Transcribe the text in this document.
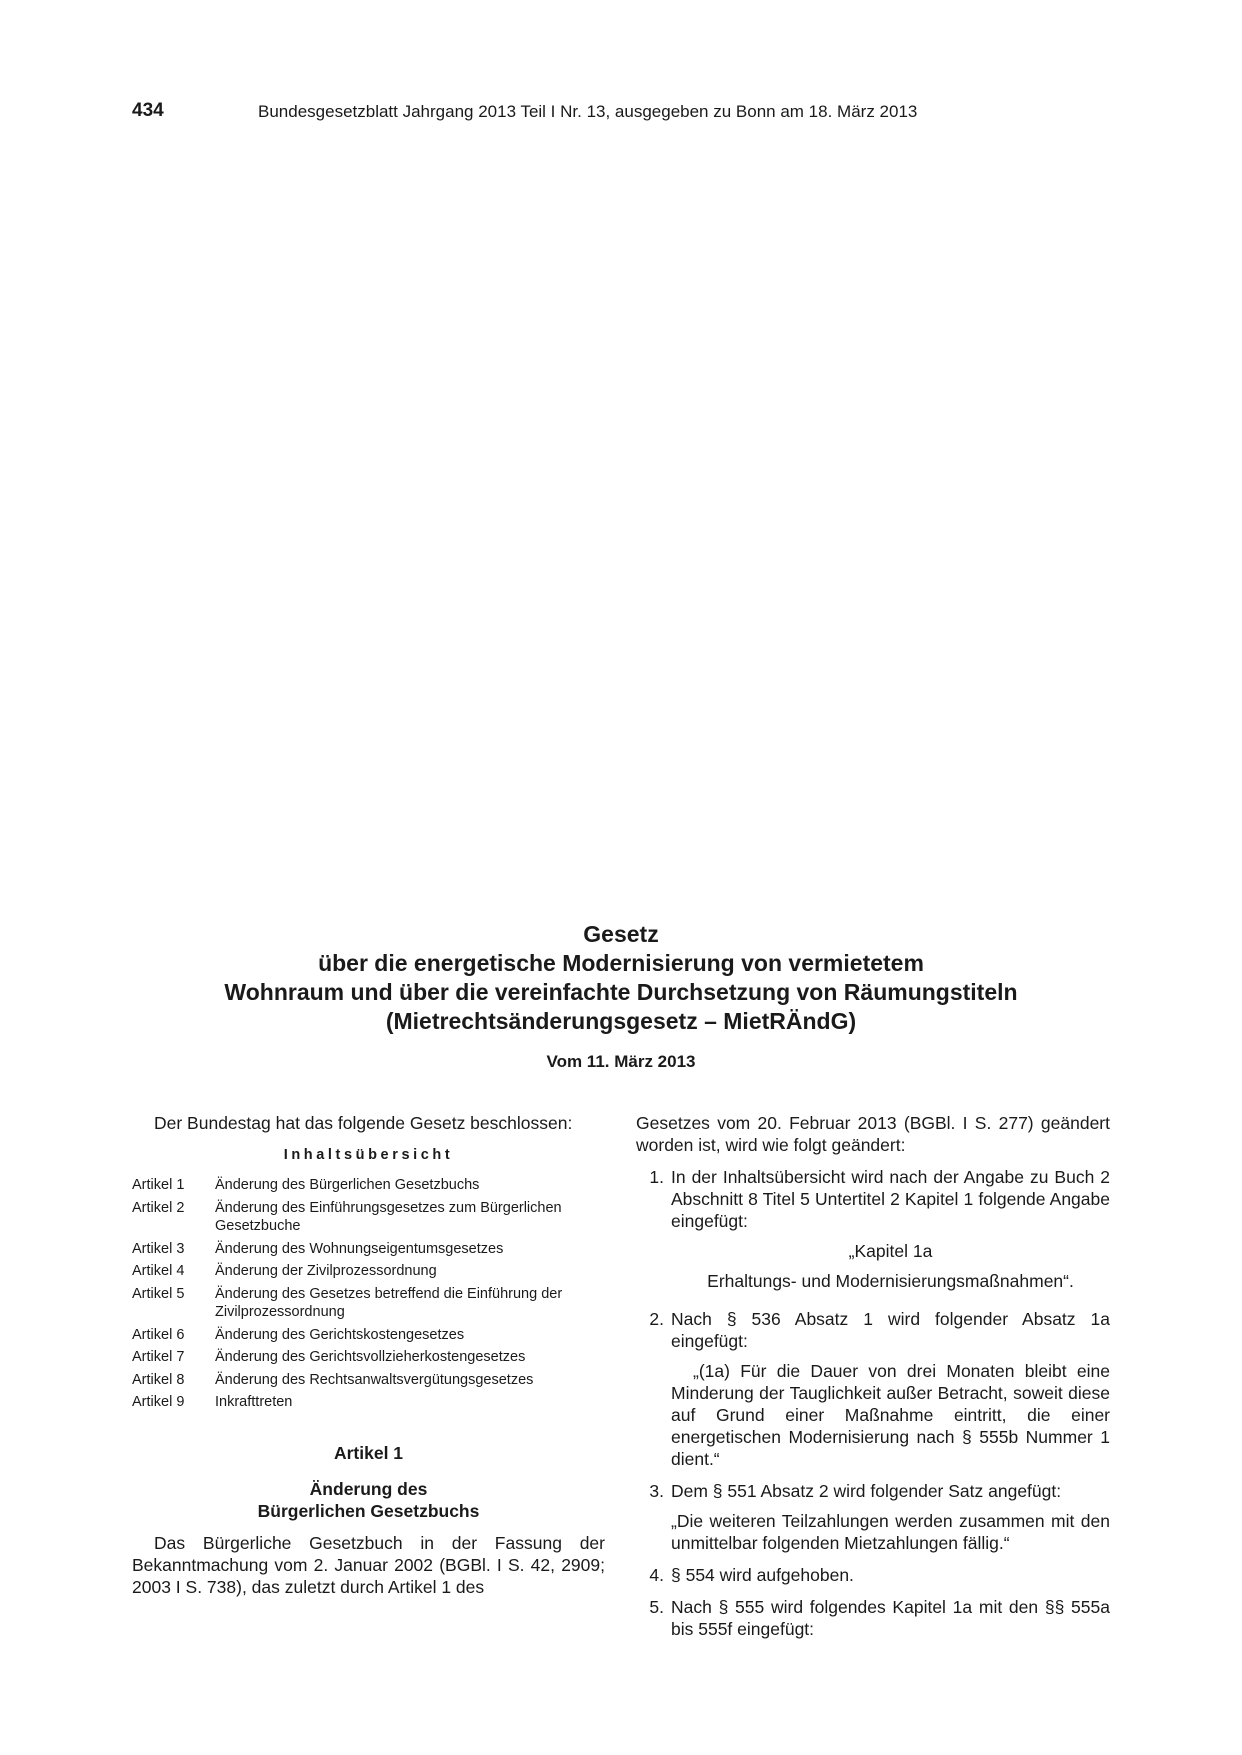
434	Bundesgesetzblatt Jahrgang 2013 Teil I Nr. 13, ausgegeben zu Bonn am 18. März 2013
Gesetz
über die energetische Modernisierung von vermietetem
Wohnraum und über die vereinfachte Durchsetzung von Räumungstiteln
(Mietrechtsänderungsgesetz – MietRÄndG)
Vom 11. März 2013
Der Bundestag hat das folgende Gesetz beschlossen:
Inhaltsübersicht
Artikel 1	Änderung des Bürgerlichen Gesetzbuchs
Artikel 2	Änderung des Einführungsgesetzes zum Bürgerlichen Gesetzbuche
Artikel 3	Änderung des Wohnungseigentumsgesetzes
Artikel 4	Änderung der Zivilprozessordnung
Artikel 5	Änderung des Gesetzes betreffend die Einführung der Zivilprozessordnung
Artikel 6	Änderung des Gerichtskostengesetzes
Artikel 7	Änderung des Gerichtsvollzieherkostengesetzes
Artikel 8	Änderung des Rechtsanwaltsvergütungsgesetzes
Artikel 9	Inkrafttreten
Artikel 1
Änderung des
Bürgerlichen Gesetzbuchs
Das Bürgerliche Gesetzbuch in der Fassung der Bekanntmachung vom 2. Januar 2002 (BGBl. I S. 42, 2909; 2003 I S. 738), das zuletzt durch Artikel 1 des
Gesetzes vom 20. Februar 2013 (BGBl. I S. 277) geändert worden ist, wird wie folgt geändert:
1. In der Inhaltsübersicht wird nach der Angabe zu Buch 2 Abschnitt 8 Titel 5 Untertitel 2 Kapitel 1 folgende Angabe eingefügt:
„Kapitel 1a
Erhaltungs- und Modernisierungsmaßnahmen“.
2. Nach § 536 Absatz 1 wird folgender Absatz 1a eingefügt:
„(1a) Für die Dauer von drei Monaten bleibt eine Minderung der Tauglichkeit außer Betracht, soweit diese auf Grund einer Maßnahme eintritt, die einer energetischen Modernisierung nach § 555b Nummer 1 dient.“
3. Dem § 551 Absatz 2 wird folgender Satz angefügt:
„Die weiteren Teilzahlungen werden zusammen mit den unmittelbar folgenden Mietzahlungen fällig.“
4. § 554 wird aufgehoben.
5. Nach § 555 wird folgendes Kapitel 1a mit den §§ 555a bis 555f eingefügt:
